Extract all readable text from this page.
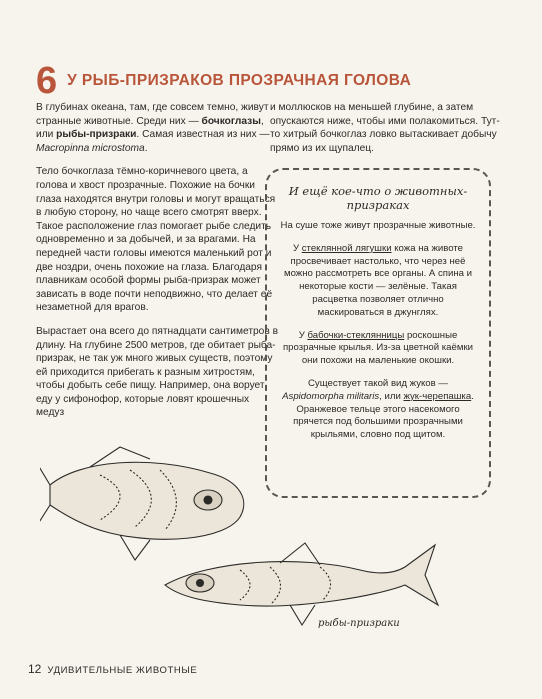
6 У РЫБ-ПРИЗРАКОВ ПРОЗРАЧНАЯ ГОЛОВА

В глубинах океана, там, где совсем темно, живут странные животные. Среди них — бочкоглазы, или рыбы-призраки. Самая известная из них — Macropinna microstoma.

Тело бочкоглаза тёмно-коричневого цвета, а голова и хвост прозрачные. Похожие на бочки глаза находятся внутри головы и могут вращаться в любую сторону, но чаще всего смотрят вверх. Такое расположение глаз помогает рыбе следить одновременно и за добычей, и за врагами. На передней части головы имеются маленький рот и две ноздри, очень похожие на глаза. Благодаря плавникам особой формы рыба-призрак может зависать в воде почти неподвижно, что делает её незаметной для врагов.

Вырастает она всего до пятнадцати сантиметров в длину. На глубине 2500 метров, где обитает рыба-призрак, не так уж много живых существ, поэтому ей приходится прибегать к разным хитростям, чтобы добыть себе пищу. Например, она ворует еду у сифонофор, которые ловят крошечных медуз

и моллюсков на меньшей глубине, а затем опускаются ниже, чтобы ими полакомиться. Тут-то хитрый бочкоглаз ловко вытаскивает добычу прямо из их щупалец.

И ещё кое-что о животных-призраках

На суше тоже живут прозрачные животные.

У стеклянной лягушки кожа на животе просвечивает настолько, что через неё можно рассмотреть все органы. А спина и некоторые кости — зелёные. Такая расцветка позволяет отлично маскироваться в джунглях.

У бабочки-стеклянницы роскошные прозрачные крылья. Из-за цветной каёмки они похожи на маленькие окошки.

Существует такой вид жуков — Aspidomorpha militaris, или жук-черепашка. Оранжевое тельце этого насекомого прячется под большими прозрачными крыльями, словно под щитом.

рыбы-призраки
12 УДИВИТЕЛЬНЫЕ ЖИВОТНЫЕ
